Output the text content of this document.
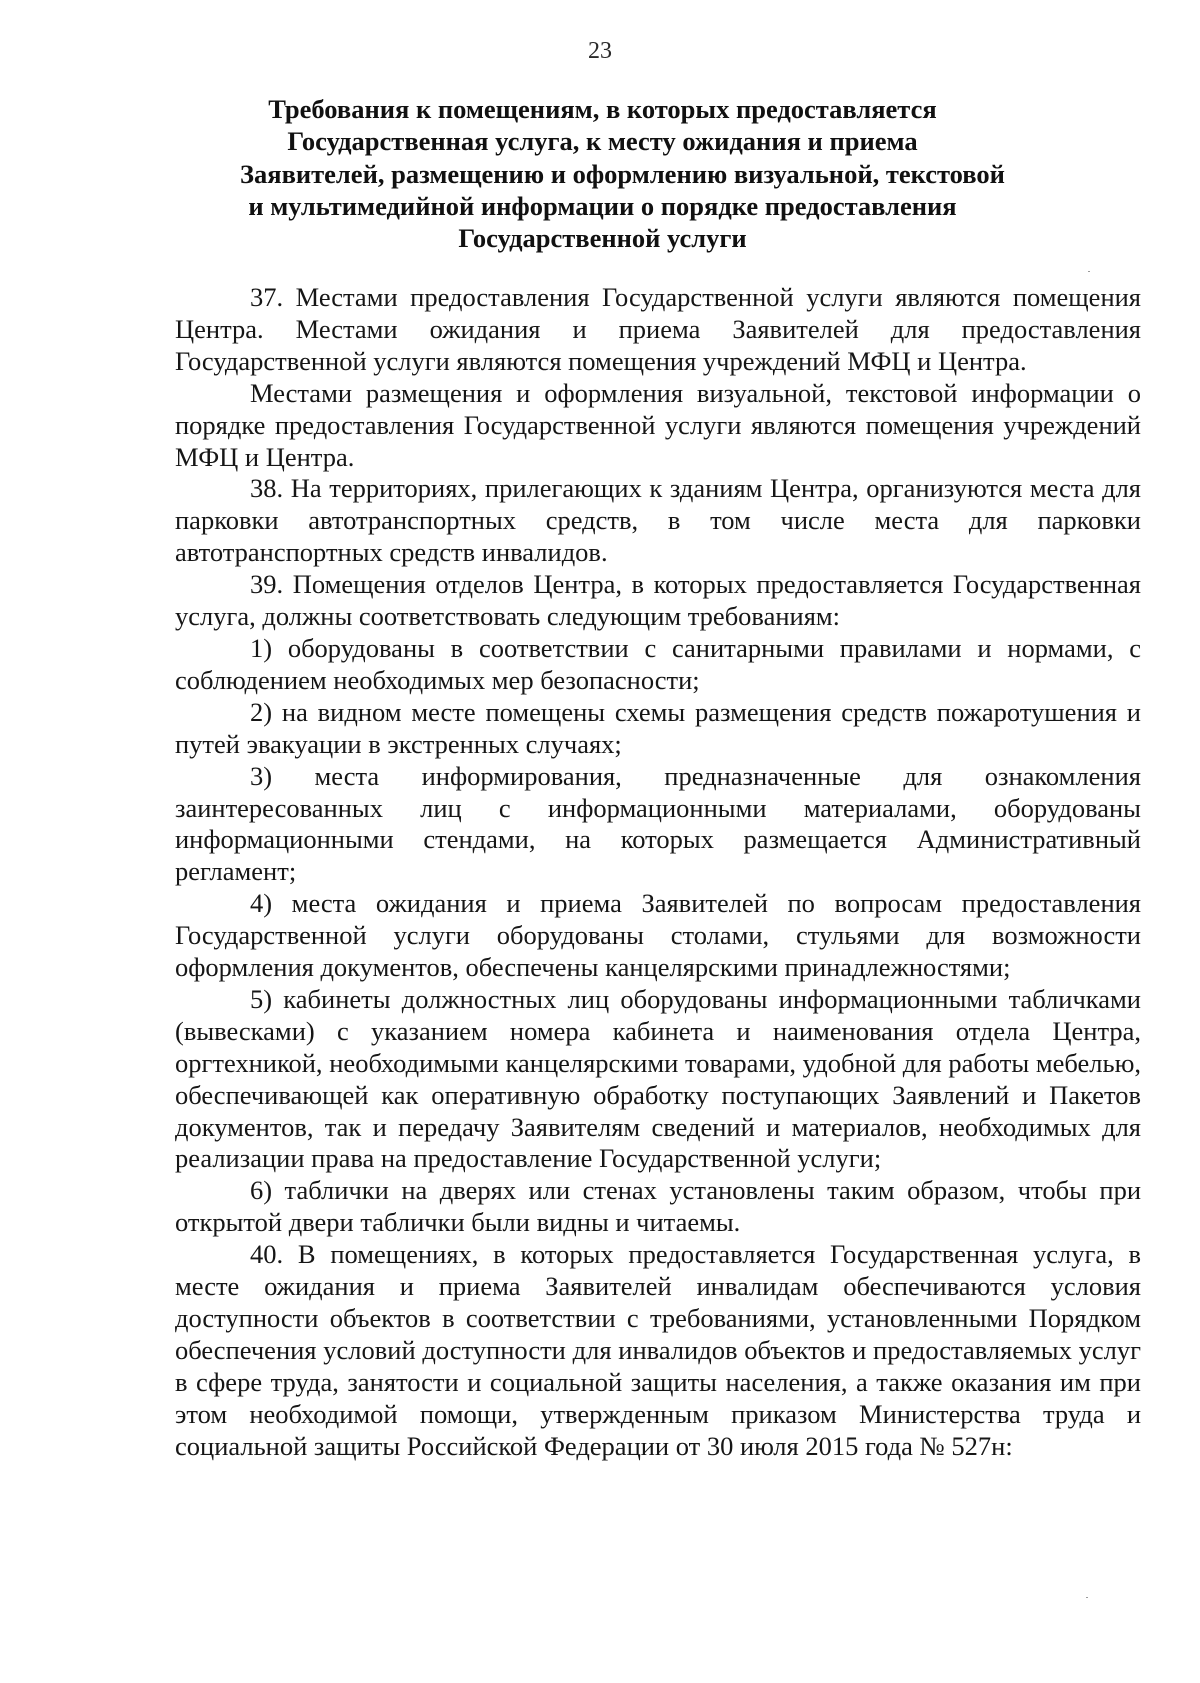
23
Требования к помещениям, в которых предоставляется
Государственная услуга, к месту ожидания и приема
Заявителей, размещению и оформлению визуальной, текстовой
и мультимедийной информации о порядке предоставления
Государственной услуги

37. Местами предоставления Государственной услуги являются помещения Центра. Местами ожидания и приема Заявителей для предоставления Государственной услуги являются помещения учреждений МФЦ и Центра.

Местами размещения и оформления визуальной, текстовой информации о порядке предоставления Государственной услуги являются помещения учреждений МФЦ и Центра.

38. На территориях, прилегающих к зданиям Центра, организуются места для парковки автотранспортных средств, в том числе места для парковки автотранспортных средств инвалидов.

39. Помещения отделов Центра, в которых предоставляется Государственная услуга, должны соответствовать следующим требованиям:

1) оборудованы в соответствии с санитарными правилами и нормами, с соблюдением необходимых мер безопасности;

2) на видном месте помещены схемы размещения средств пожаротушения и путей эвакуации в экстренных случаях;

3) места информирования, предназначенные для ознакомления заинтересованных лиц с информационными материалами, оборудованы информационными стендами, на которых размещается Административный регламент;

4) места ожидания и приема Заявителей по вопросам предоставления Государственной услуги оборудованы столами, стульями для возможности оформления документов, обеспечены канцелярскими принадлежностями;

5) кабинеты должностных лиц оборудованы информационными табличками (вывесками) с указанием номера кабинета и наименования отдела Центра, оргтехникой, необходимыми канцелярскими товарами, удобной для работы мебелью, обеспечивающей как оперативную обработку поступающих Заявлений и Пакетов документов, так и передачу Заявителям сведений и материалов, необходимых для реализации права на предоставление Государственной услуги;

6) таблички на дверях или стенах установлены таким образом, чтобы при открытой двери таблички были видны и читаемы.

40. В помещениях, в которых предоставляется Государственная услуга, в месте ожидания и приема Заявителей инвалидам обеспечиваются условия доступности объектов в соответствии с требованиями, установленными Порядком обеспечения условий доступности для инвалидов объектов и предоставляемых услуг в сфере труда, занятости и социальной защиты населения, а также оказания им при этом необходимой помощи, утвержденным приказом Министерства труда и социальной защиты Российской Федерации от 30 июля 2015 года № 527н:
